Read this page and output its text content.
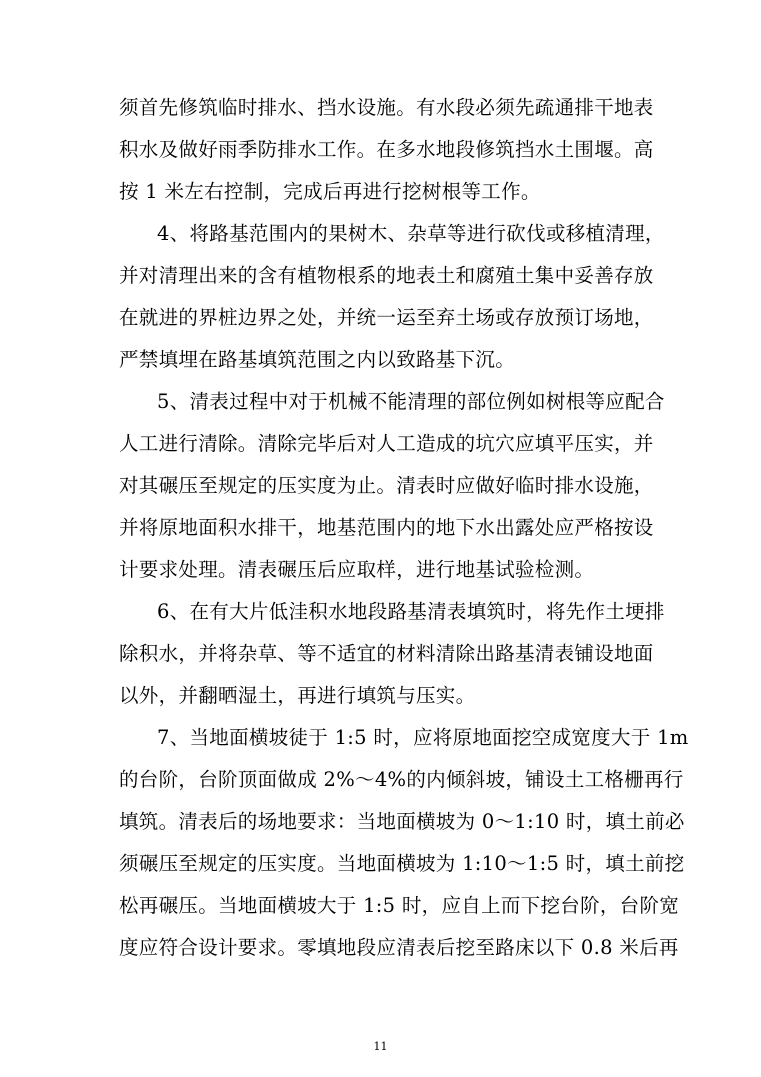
须首先修筑临时排水、挡水设施。有水段必须先疏通排干地表
积水及做好雨季防排水工作。在多水地段修筑挡水土围堰。高
按 1 米左右控制，完成后再进行挖树根等工作。
4、将路基范围内的果树木、杂草等进行砍伐或移植清理，
并对清理出来的含有植物根系的地表土和腐殖土集中妥善存放
在就进的界桩边界之处，并统一运至弃土场或存放预订场地，
严禁填埋在路基填筑范围之内以致路基下沉。
5、清表过程中对于机械不能清理的部位例如树根等应配合
人工进行清除。清除完毕后对人工造成的坑穴应填平压实，并
对其碾压至规定的压实度为止。清表时应做好临时排水设施，
并将原地面积水排干，地基范围内的地下水出露处应严格按设
计要求处理。清表碾压后应取样，进行地基试验检测。
6、在有大片低洼积水地段路基清表填筑时，将先作土埂排
除积水，并将杂草、等不适宜的材料清除出路基清表铺设地面
以外，并翻晒湿土，再进行填筑与压实。
7、当地面横坡徒于 1:5 时，应将原地面挖空成宽度大于 1m
的台阶，台阶顶面做成 2%～4%的内倾斜坡，铺设土工格栅再行
填筑。清表后的场地要求：当地面横坡为 0～1:10 时，填土前必
须碾压至规定的压实度。当地面横坡为 1:10～1:5 时，填土前挖
松再碾压。当地面横坡大于 1:5 时，应自上而下挖台阶，台阶宽
度应符合设计要求。零填地段应清表后挖至路床以下 0.8 米后再
11
